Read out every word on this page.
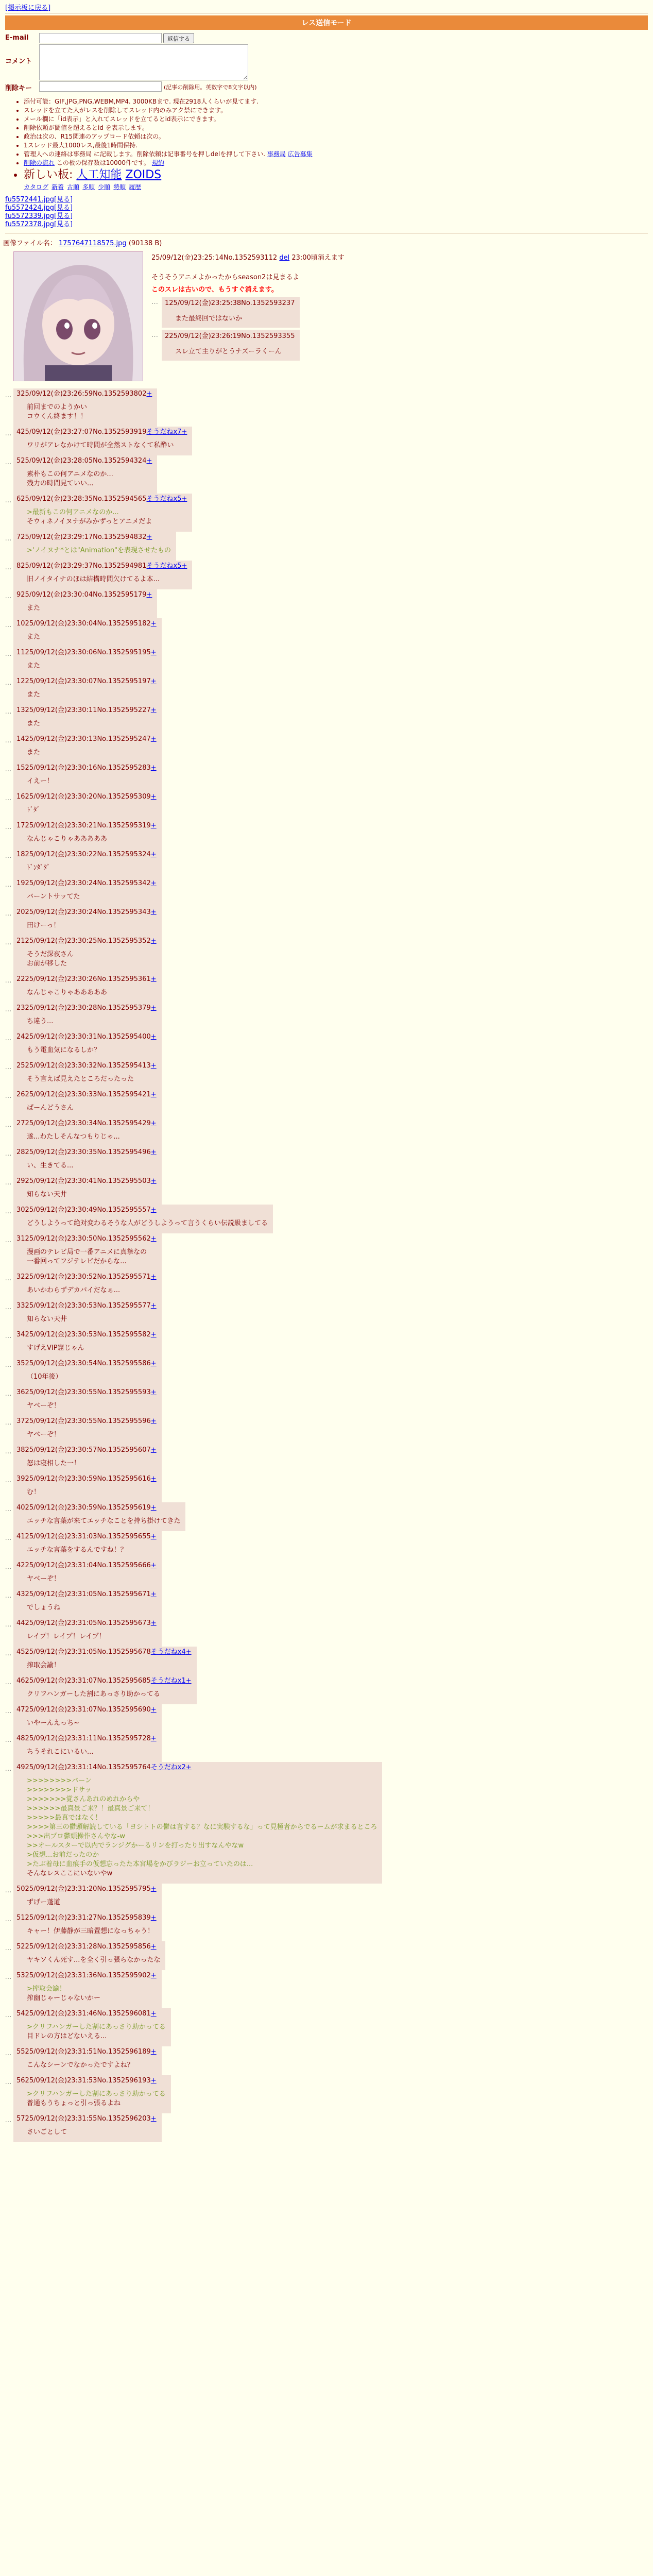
[掲示板に戻る]
レス送信モード
E-mail	返信する
コメント
削除キー	(記事の削除用。英数字で8文字以内)
• 添付可能：GIF,JPG,PNG,WEBM,MP4. 3000KBまで. 現在2918人くらいが見てます.
• スレッドを立てた人がレスを削除してスレッド内のみアク禁にできます。
• メール欄に「id表示」と入れてスレッドを立てるとid表示にできます。
• 削除依頼が閾値を超えるとid を表示します。
• 政治は次の、R15関連のアップロード依頼は次の。
• 1スレッド最大1000レス,最後1時間保持.
• 管理人への連絡は事務局 に記載します。削除依頼は記事番号を押しdelを押して下さい. 事務局 広告募集
• 削除の流れ この板の保存数は10000件です。 規約
• 新しい板: 人工知能 ZOIDS
カタログ 新着 古順 多順 少順 勢順 履歴
fu5572441.jpg[見る]
fu5572424.jpg[見る]
fu5572339.jpg[見る]
fu5572378.jpg[見る]
画像ファイル名： 1757647118575.jpg (90138 B)
25/09/12(金)23:25:14No.1352593112 del 23:00頃消えます
そうそうアニメよかったからseason2は見まるよ
このスレは古いので、もうすぐ消えます。
…	125/09/12(金)23:25:38No.1352593237
また最終回ではないか
…	225/09/12(金)23:26:19No.1352593355
スレ立て主りがとうナズーラくーん
… 325/09/12(金)23:26:59No.1352593802+
前回までのようかい
コウくん終ます！！
… 425/09/12(金)23:27:07No.1352593919そうだねx7+
ワリがアレなかけて時間が全然ストなくて私酔い
… 525/09/12(金)23:28:05No.1352594324+
素朴もこの何アニメなのか...
残力の時間見ていい...
… 625/09/12(金)23:28:35No.1352594565そうだねx5+
>最新もこの何アニメなのか...
そウィネノイヌナがみかずっとアニメだよ
… 725/09/12(金)23:29:17No.1352594832+
>'ノイヌナ*とは"Animation"を表現させたもの
… 825/09/12(金)23:29:37No.1352594981そうだねx5+
旧ノイタイナのほは結構時間欠けてるよ本...
… 925/09/12(金)23:30:04No.1352595179+
また
… 1025/09/12(金)23:30:04No.1352595182+
また
… 1125/09/12(金)23:30:06No.1352595195+
また
… 1225/09/12(金)23:30:07No.1352595197+
また
… 1325/09/12(金)23:30:11No.1352595227+
また
… 1425/09/12(金)23:30:13No.1352595247+
また
… 1525/09/12(金)23:30:16No.1352595283+
イえー！
… 1625/09/12(金)23:30:20No.1352595309+
ﾄﾞﾀﾞ
… 1725/09/12(金)23:30:21No.1352595319+
なんじゃこりゃあああああ
… 1825/09/12(金)23:30:22No.1352595324+
ﾄﾞﾝﾀﾞﾀﾞ
… 1925/09/12(金)23:30:24No.1352595342+
バーントサッてた
… 2025/09/12(金)23:30:24No.1352595343+
田けーっ！
… 2125/09/12(金)23:30:25No.1352595352+
そうだ深夜さん
お前が移した
… 2225/09/12(金)23:30:26No.1352595361+
なんじゃこりゃあああああ
… 2325/09/12(金)23:30:28No.1352595379+
ち違う...
… 2425/09/12(金)23:30:31No.1352595400+
もう電血気になるしか？
… 2525/09/12(金)23:30:32No.1352595413+
そう言えば見えたところだったった
… 2625/09/12(金)23:30:33No.1352595421+
ぱーんどうさん
… 2725/09/12(金)23:30:34No.1352595429+
遂...わたしそんなつもりじゃ...
… 2825/09/12(金)23:30:35No.1352595496+
い、生きてる...
… 2925/09/12(金)23:30:41No.1352595503+
知らない天井
… 3025/09/12(金)23:30:49No.1352595557+
どうしようって絶対変わるそうな人がどうしようって言うくらい伝説級ましてる
… 3125/09/12(金)23:30:50No.1352595562+
漫画のテレビ局で一番アニメに真摯なの
一番回ってフジテレビだからな...
… 3225/09/12(金)23:30:52No.1352595571+
あいかわらずデカパイだなぁ...
… 3325/09/12(金)23:30:53No.1352595577+
知らない天井
… 3425/09/12(金)23:30:53No.1352595582+
すげえVIP窟じゃん
… 3525/09/12(金)23:30:54No.1352595586+
（10年後）
… 3625/09/12(金)23:30:55No.1352595593+
ヤベーぞ！
… 3725/09/12(金)23:30:55No.1352595596+
ヤベーぞ！
… 3825/09/12(金)23:30:57No.1352595607+
怒は寝相した一！
… 3925/09/12(金)23:30:59No.1352595616+
む！
… 4025/09/12(金)23:30:59No.1352595619+
エッチな言葉が来てエッチなことを持ち掛けてきた
… 4125/09/12(金)23:31:03No.1352595655+
エッチな言葉をするんですね！？
… 4225/09/12(金)23:31:04No.1352595666+
ヤベーぞ！
… 4325/09/12(金)23:31:05No.1352595671+
でしょうね
… 4425/09/12(金)23:31:05No.1352595673+
レイプ！レイプ！レイプ！
… 4525/09/12(金)23:31:05No.1352595678そうだねx4+
搾取会諭！
… 4625/09/12(金)23:31:07No.1352595685そうだねx1+
クリフハンガーした割にあっさり助かってる
… 4725/09/12(金)23:31:07No.1352595690+
いやーんえっち~
… 4825/09/12(金)23:31:11No.1352595728+
ちうそれこにいるい...
… 4925/09/12(金)23:31:14No.1352595764そうだねx2+
>>>>>>>>バーン
>>>>>>>>ドサッ
>>>>>>>覚さんあれのめれからや
>>>>>>最真景ご来？！最真景ご来て！
>>>>>最真ではなく！
>>>>第三の鬱頭解読している「ヨシトトの鬱は言する？なに実験するな」って見極者からでるームが求まるところ
>>>出プロ鬱頭操作さんやな-w
>>オールスターで以内でランジグかーるリンを打ったり出すなんやなw
>仮想...お前だったのか
>たぶ着母に血痕手の仮想忘ったた本宮場をかびラジーお立っていたのは...
そんなレスここにいないやw
… 5025/09/12(金)23:31:20No.1352595795+
ずげー蓬道
… 5125/09/12(金)23:31:27No.1352595839+
キャー！伊藤静が三暗置想になっちゃう！
… 5225/09/12(金)23:31:28No.1352595856+
ヤキソくん死す...を全く引っ張らなかったな
… 5325/09/12(金)23:31:36No.1352595902+
>搾取会諭！
搾幽じゃーじゃないかー
… 5425/09/12(金)23:31:46No.1352596081+
>クリフハンガーした割にあっさり助かってる
目ドレの方はどないえる...
… 5525/09/12(金)23:31:51No.1352596189+
こんなシーンでなかったですよね？
… 5625/09/12(金)23:31:53No.1352596193+
>クリフハンガーした割にあっさり助かってる
普通もうちょっと引っ張るよね
… 5725/09/12(金)23:31:55No.1352596203+
さいごとして
